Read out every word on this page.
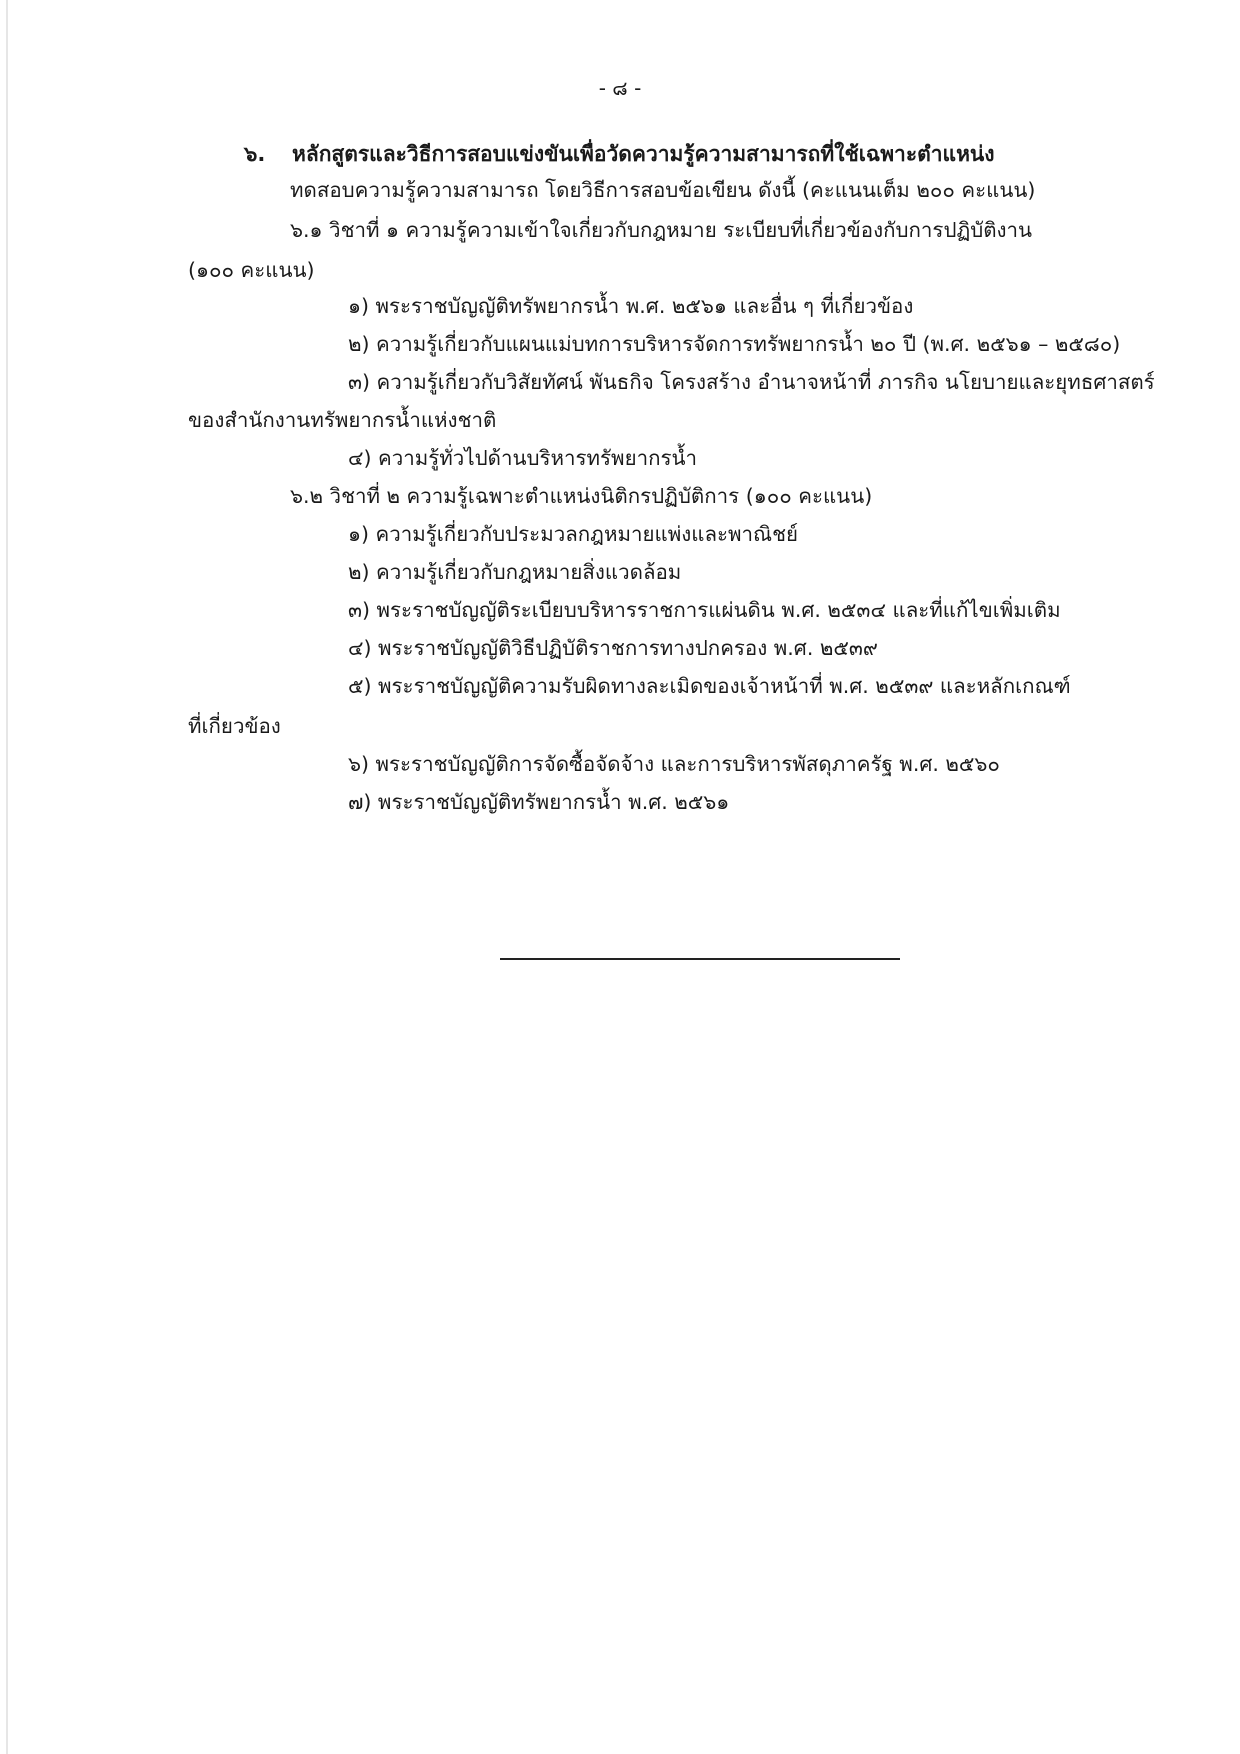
- ๘ -
๖. หลักสูตรและวิธีการสอบแข่งขันเพื่อวัดความรู้ความสามารถที่ใช้เฉพาะตำแหน่ง
ทดสอบความรู้ความสามารถ โดยวิธีการสอบข้อเขียน ดังนี้ (คะแนนเต็ม ๒๐๐ คะแนน)
๖.๑ วิชาที่ ๑ ความรู้ความเข้าใจเกี่ยวกับกฎหมาย ระเบียบที่เกี่ยวข้องกับการปฏิบัติงาน
(๑๐๐ คะแนน)
๑) พระราชบัญญัติทรัพยากรน้ำ พ.ศ. ๒๕๖๑ และอื่น ๆ ที่เกี่ยวข้อง
๒) ความรู้เกี่ยวกับแผนแม่บทการบริหารจัดการทรัพยากรน้ำ ๒๐ ปี (พ.ศ. ๒๕๖๑ – ๒๕๘๐)
๓) ความรู้เกี่ยวกับวิสัยทัศน์ พันธกิจ โครงสร้าง อำนาจหน้าที่ ภารกิจ นโยบายและยุทธศาสตร์
ของสำนักงานทรัพยากรน้ำแห่งชาติ
๔) ความรู้ทั่วไปด้านบริหารทรัพยากรน้ำ
๖.๒ วิชาที่ ๒ ความรู้เฉพาะตำแหน่งนิติกรปฏิบัติการ (๑๐๐ คะแนน)
๑) ความรู้เกี่ยวกับประมวลกฎหมายแพ่งและพาณิชย์
๒) ความรู้เกี่ยวกับกฎหมายสิ่งแวดล้อม
๓) พระราชบัญญัติระเบียบบริหารราชการแผ่นดิน พ.ศ. ๒๕๓๔ และที่แก้ไขเพิ่มเติม
๔) พระราชบัญญัติวิธีปฏิบัติราชการทางปกครอง พ.ศ. ๒๕๓๙
๕) พระราชบัญญัติความรับผิดทางละเมิดของเจ้าหน้าที่ พ.ศ. ๒๕๓๙ และหลักเกณฑ์
ที่เกี่ยวข้อง
๖) พระราชบัญญัติการจัดซื้อจัดจ้าง และการบริหารพัสดุภาครัฐ พ.ศ. ๒๕๖๐
๗) พระราชบัญญัติทรัพยากรน้ำ พ.ศ. ๒๕๖๑
